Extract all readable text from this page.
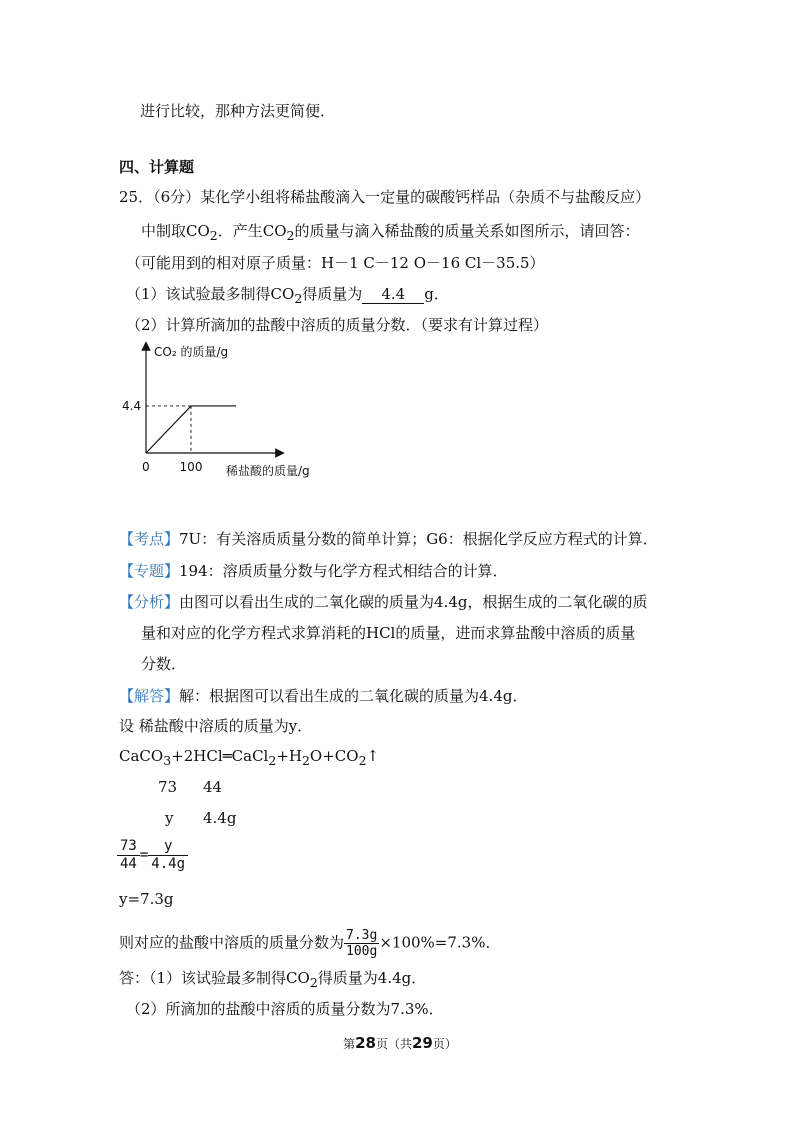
进行比较，那种方法更简便．
四、计算题
25．（6分）某化学小组将稀盐酸滴入一定量的碳酸钙样品（杂质不与盐酸反应）
中制取$CO_2$．产生$CO_2$的质量与滴入稀盐酸的质量关系如图所示，请回答：
（可能用到的相对原子质量：H－1 C－12 O－16 Cl－35.5）
（1）该试验最多制得$CO_2$得质量为 4.4 g．
（2）计算所滴加的盐酸中溶质的质量分数．（要求有计算过程）
CO₂ 的质量/g
稀盐酸的质量/g
0 100
4.4
【考点】7U：有关溶质质量分数的简单计算；G6：根据化学反应方程式的计算．
【专题】194：溶质质量分数与化学方程式相结合的计算．
【分析】由图可以看出生成的二氧化碳的质量为4.4g，根据生成的二氧化碳的质
量和对应的化学方程式求算消耗的HCl的质量，进而求算盐酸中溶质的质量
分数．
【解答】解：根据图可以看出生成的二氧化碳的质量为4.4g．
设 稀盐酸中溶质的质量为y．
$CaCO_3+2HCl═CaCl_2+H_2O+CO_2↑$
73 44
y 4.4g
$\frac{73}{44} = \frac{y}{4.4g}$
y=7.3g
则对应的盐酸中溶质的质量分数为 $\frac{7.3g}{100g} \times 100\%=7.3\%$．
答：（1）该试验最多制得$CO_2$得质量为4.4g．
（2）所滴加的盐酸中溶质的质量分数为7.3%．
第28页（共29页）
